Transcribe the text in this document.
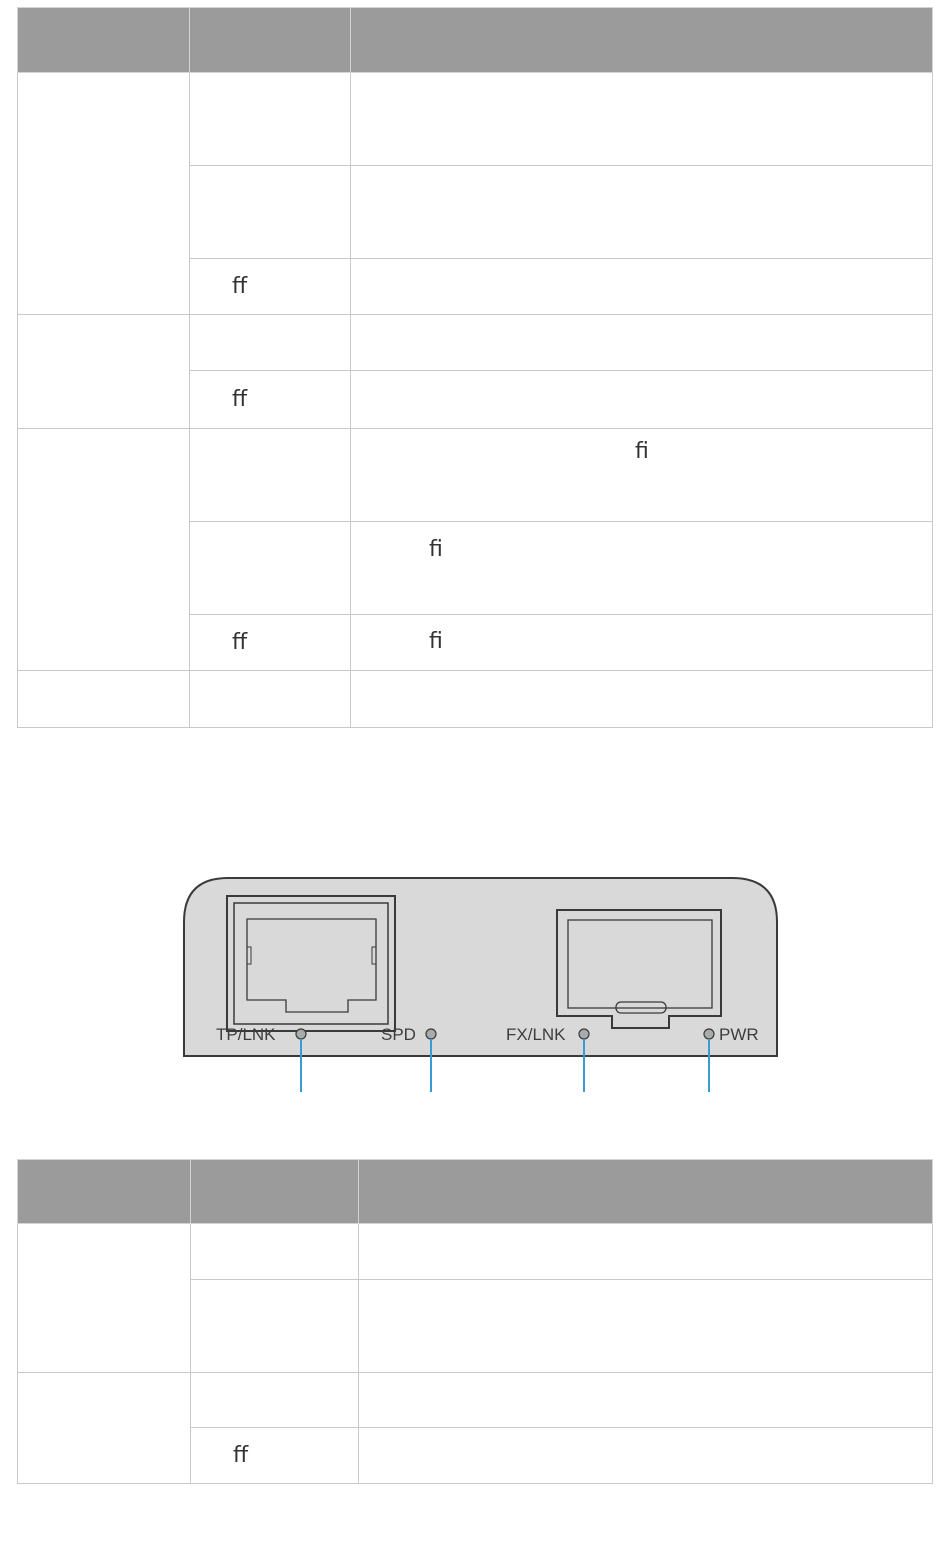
	ff	

	ff	

		fi

		fi

	ff	fi

TP/LNK	SPD	FX/LNK	PWR

	ff	
